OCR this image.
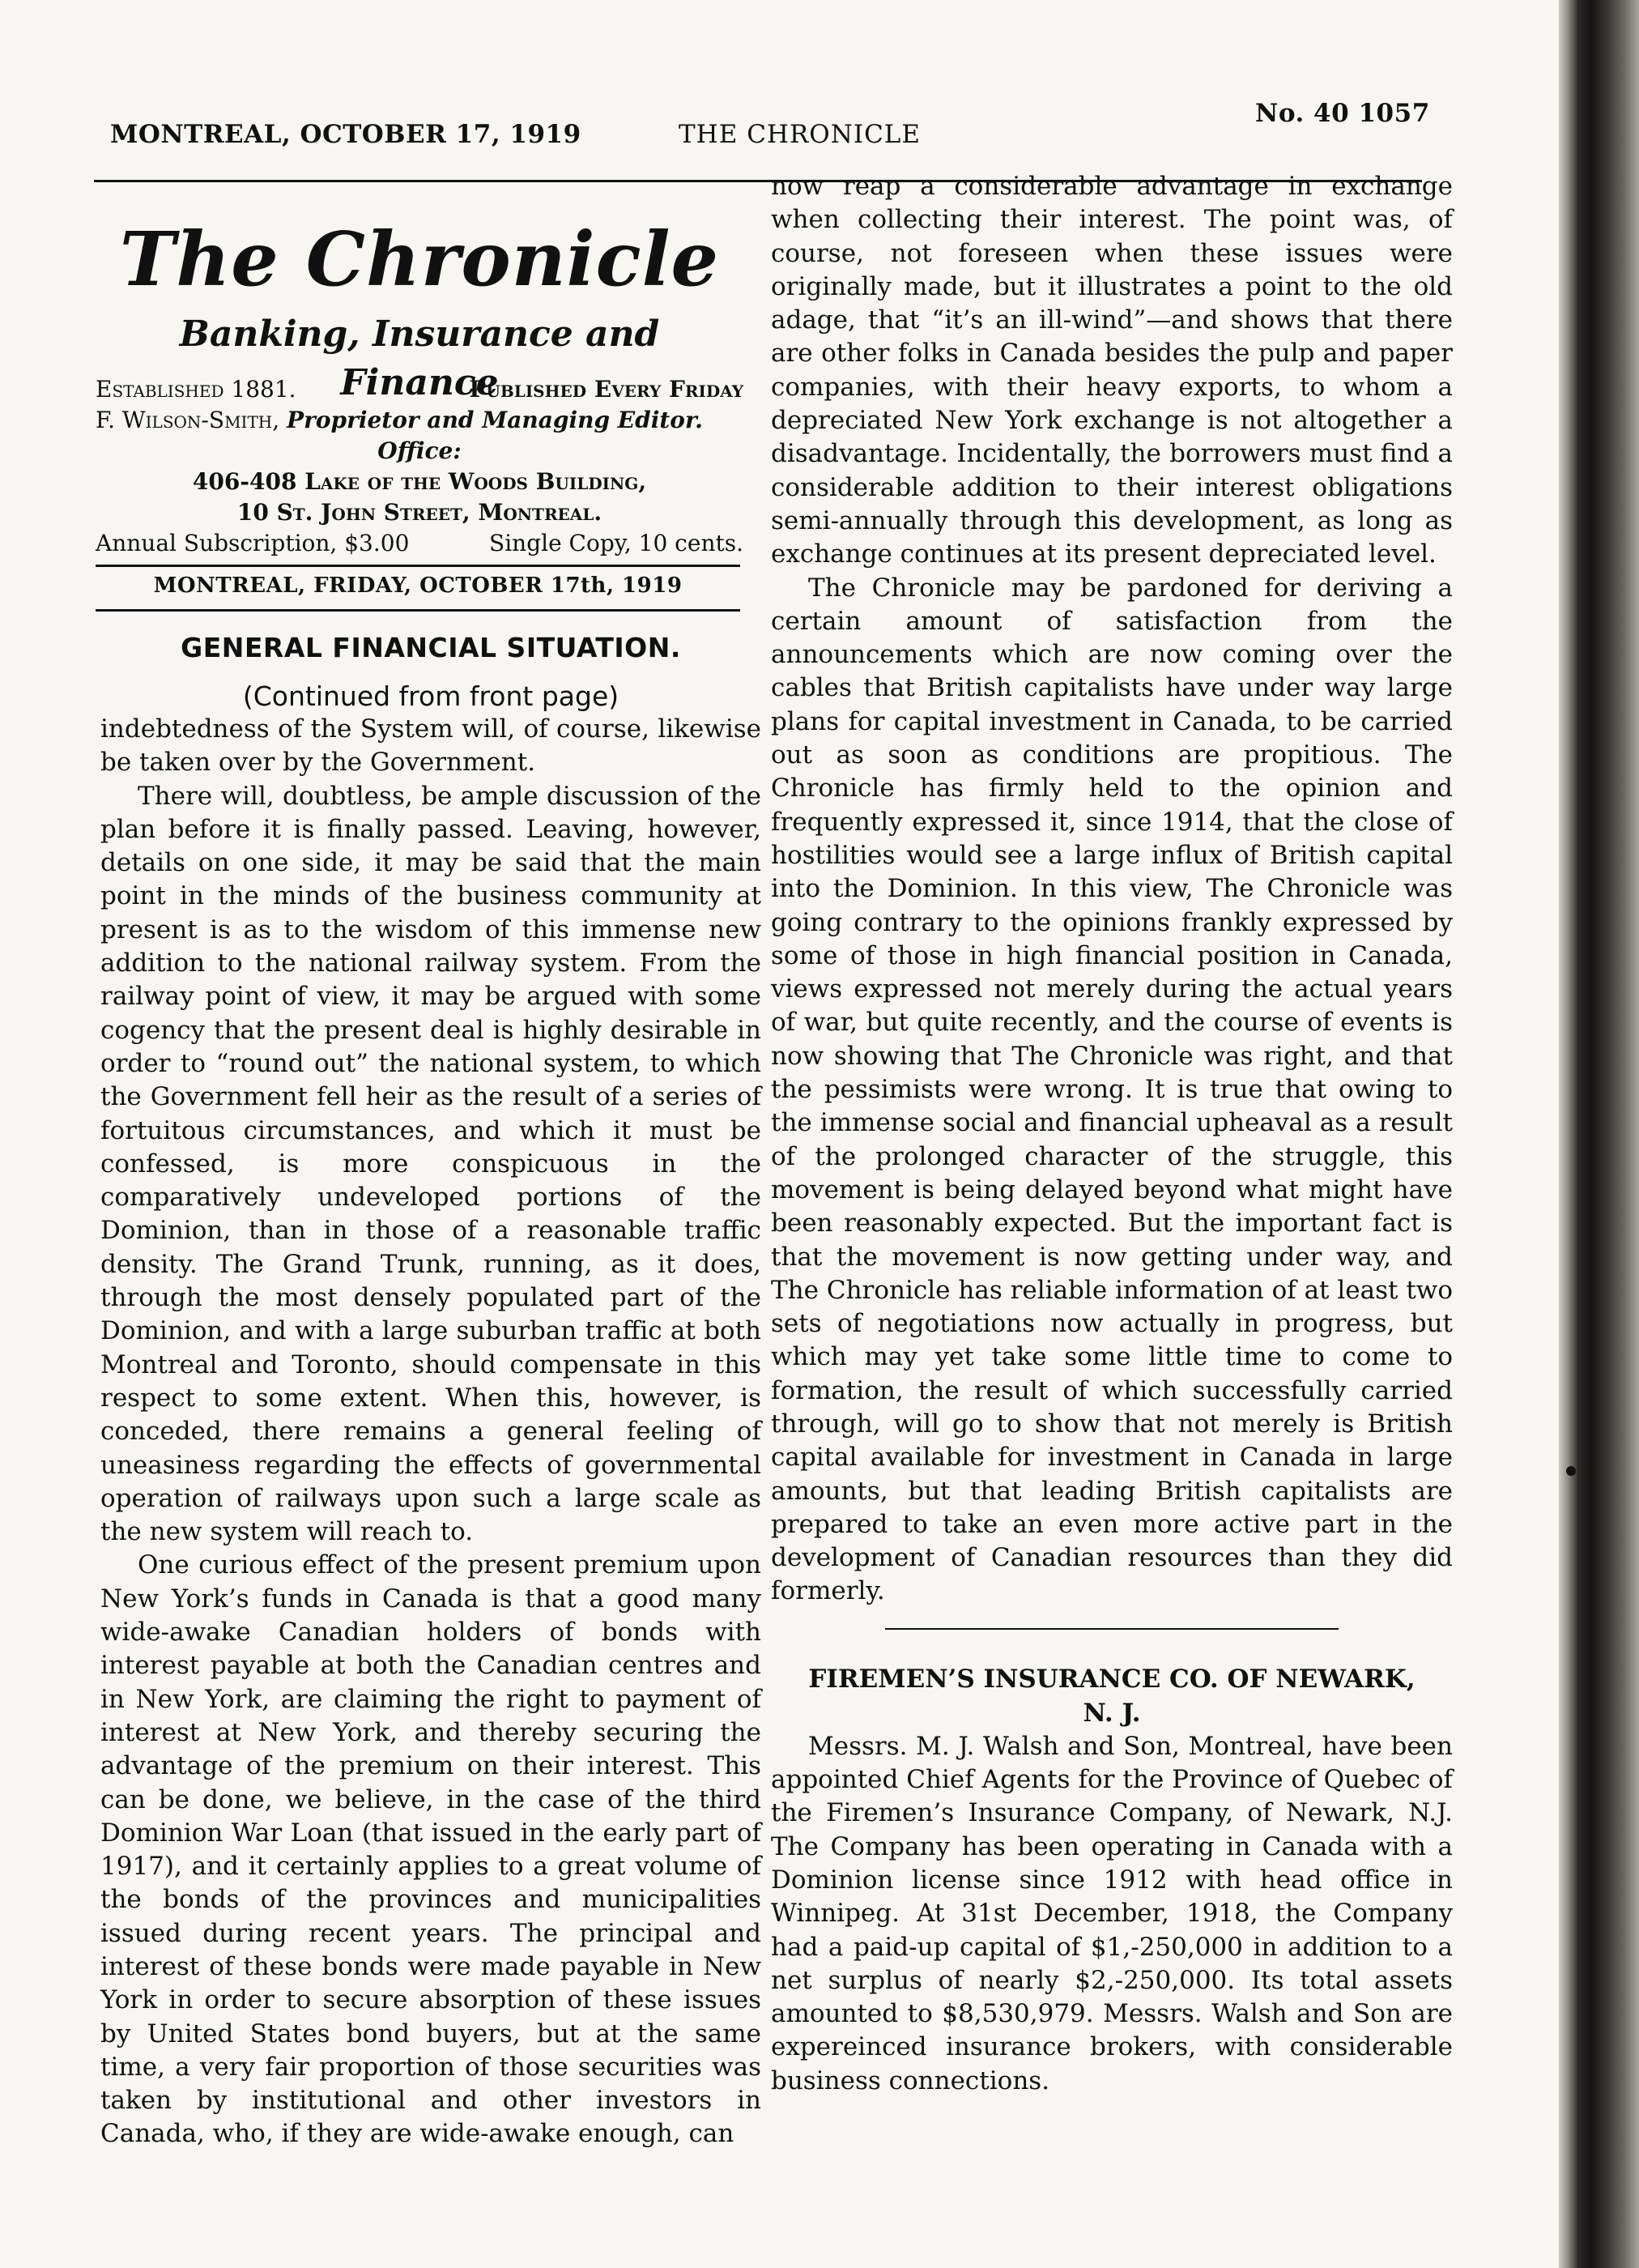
MONTREAL, OCTOBER 17, 1919	THE CHRONICLE
No. 40 1057
The Chronicle
Banking, Insurance and Finance
Established 1881.	Published Every Friday
F. Wilson-Smith, Proprietor and Managing Editor.
Office:
406-408 Lake of the Woods Building,
10 St. John Street, Montreal.
Annual Subscription, $3.00	Single Copy, 10 cents.
MONTREAL, FRIDAY, OCTOBER 17th, 1919
GENERAL FINANCIAL SITUATION.
(Continued from front page)

indebtedness of the System will, of course, likewise be taken over by the Government.

There will, doubtless, be ample discussion of the plan before it is finally passed. Leaving, however, details on one side, it may be said that the main point in the minds of the business community at present is as to the wisdom of this immense new addition to the national railway system. From the railway point of view, it may be argued with some cogency that the present deal is highly desirable in order to “round out” the national system, to which the Government fell heir as the result of a series of fortuitous circumstances, and which it must be confessed, is more conspicuous in the comparatively undeveloped portions of the Dominion, than in those of a reasonable traffic density. The Grand Trunk, running, as it does, through the most densely populated part of the Dominion, and with a large suburban traffic at both Montreal and Toronto, should compensate in this respect to some extent. When this, however, is conceded, there remains a general feeling of uneasiness regarding the effects of governmental operation of railways upon such a large scale as the new system will reach to.

One curious effect of the present premium upon New York’s funds in Canada is that a good many wide-awake Canadian holders of bonds with interest payable at both the Canadian centres and in New York, are claiming the right to payment of interest at New York, and thereby securing the advantage of the premium on their interest. This can be done, we believe, in the case of the third Dominion War Loan (that issued in the early part of 1917), and it certainly applies to a great volume of the bonds of the provinces and municipalities issued during recent years. The principal and interest of these bonds were made payable in New York in order to secure absorption of these issues by United States bond buyers, but at the same time, a very fair proportion of those securities was taken by institutional and other investors in Canada, who, if they are wide-awake enough, can

now reap a considerable advantage in exchange when collecting their interest. The point was, of course, not foreseen when these issues were originally made, but it illustrates a point to the old adage, that “it’s an ill-wind”—and shows that there are other folks in Canada besides the pulp and paper companies, with their heavy exports, to whom a depreciated New York exchange is not altogether a disadvantage. Incidentally, the borrowers must find a considerable addition to their interest obligations semi-annually through this development, as long as exchange continues at its present depreciated level.

The Chronicle may be pardoned for deriving a certain amount of satisfaction from the announcements which are now coming over the cables that British capitalists have under way large plans for capital investment in Canada, to be carried out as soon as conditions are propitious. The Chronicle has firmly held to the opinion and frequently expressed it, since 1914, that the close of hostilities would see a large influx of British capital into the Dominion. In this view, The Chronicle was going contrary to the opinions frankly expressed by some of those in high financial position in Canada, views expressed not merely during the actual years of war, but quite recently, and the course of events is now showing that The Chronicle was right, and that the pessimists were wrong. It is true that owing to the immense social and financial upheaval as a result of the prolonged character of the struggle, this movement is being delayed beyond what might have been reasonably expected. But the important fact is that the movement is now getting under way, and The Chronicle has reliable information of at least two sets of negotiations now actually in progress, but which may yet take some little time to come to formation, the result of which successfully carried through, will go to show that not merely is British capital available for investment in Canada in large amounts, but that leading British capitalists are prepared to take an even more active part in the development of Canadian resources than they did formerly.

FIREMEN’S INSURANCE CO. OF NEWARK,
N. J.

Messrs. M. J. Walsh and Son, Montreal, have been appointed Chief Agents for the Province of Quebec of the Firemen’s Insurance Company, of Newark, N.J. The Company has been operating in Canada with a Dominion license since 1912 with head office in Winnipeg. At 31st December, 1918, the Company had a paid-up capital of $1,-250,000 in addition to a net surplus of nearly $2,-250,000. Its total assets amounted to $8,530,979. Messrs. Walsh and Son are expereinced insurance brokers, with considerable business connections.
